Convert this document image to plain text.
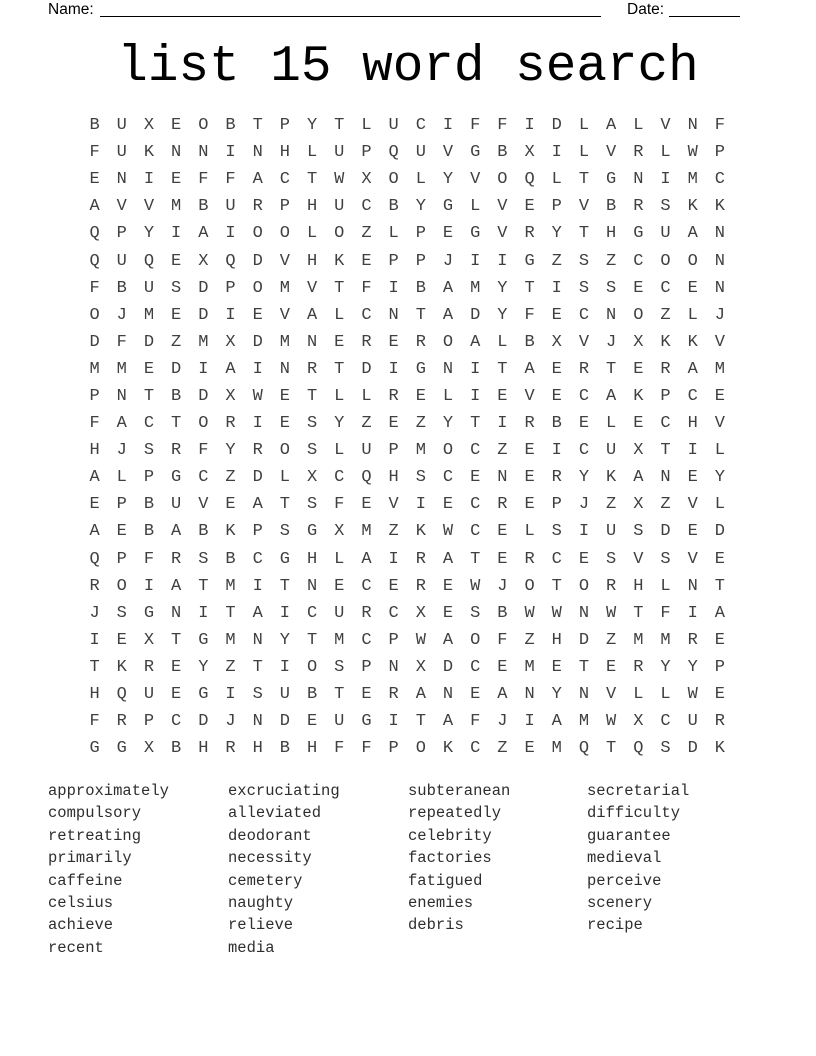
Name:	Date:
list 15 word search
B U X E O B T P Y T L U C I F F I D L A L V N F
F U K N N I N H L U P Q U V G B X I L V R L W P
E N I E F F A C T W X O L Y V O Q L T G N I M C
A V V M B U R P H U C B Y G L V E P V B R S K K
Q P Y I A I O O L O Z L P E G V R Y T H G U A N
Q U Q E X Q D V H K E P P J I I G Z S Z C O O N
F B U S D P O M V T F I B A M Y T I S S E C E N
O J M E D I E V A L C N T A D Y F E C N O Z L J
D F D Z M X D M N E R E R O A L B X V J X K K V
M M E D I A I N R T D I G N I T A E R T E R A M
P N T B D X W E T L L R E L I E V E C A K P C E
F A C T O R I E S Y Z E Z Y T I R B E L E C H V
H J S R F Y R O S L U P M O C Z E I C U X T I L
A L P G C Z D L X C Q H S C E N E R Y K A N E Y
E P B U V E A T S F E V I E C R E P J Z X Z V L
A E B A B K P S G X M Z K W C E L S I U S D E D
Q P F R S B C G H L A I R A T E R C E S V S V E
R O I A T M I T N E C E R E W J O T O R H L N T
J S G N I T A I C U R C X E S B W W N W T F I A
I E X T G M N Y T M C P W A O F Z H D Z M M R E
T K R E Y Z T I O S P N X D C E M E T E R Y Y P
H Q U E G I S U B T E R A N E A N Y N V L L W E
F R P C D J N D E U G I T A F J I A M W X C U R
G G X B H R H B H F F P O K C Z E M Q T Q S D K
approximately
compulsory
retreating
primarily
caffeine
celsius
achieve
recent
excruciating
alleviated
deodorant
necessity
cemetery
naughty
relieve
media
subteranean
repeatedly
celebrity
factories
fatigued
enemies
debris
secretarial
difficulty
guarantee
medieval
perceive
scenery
recipe
